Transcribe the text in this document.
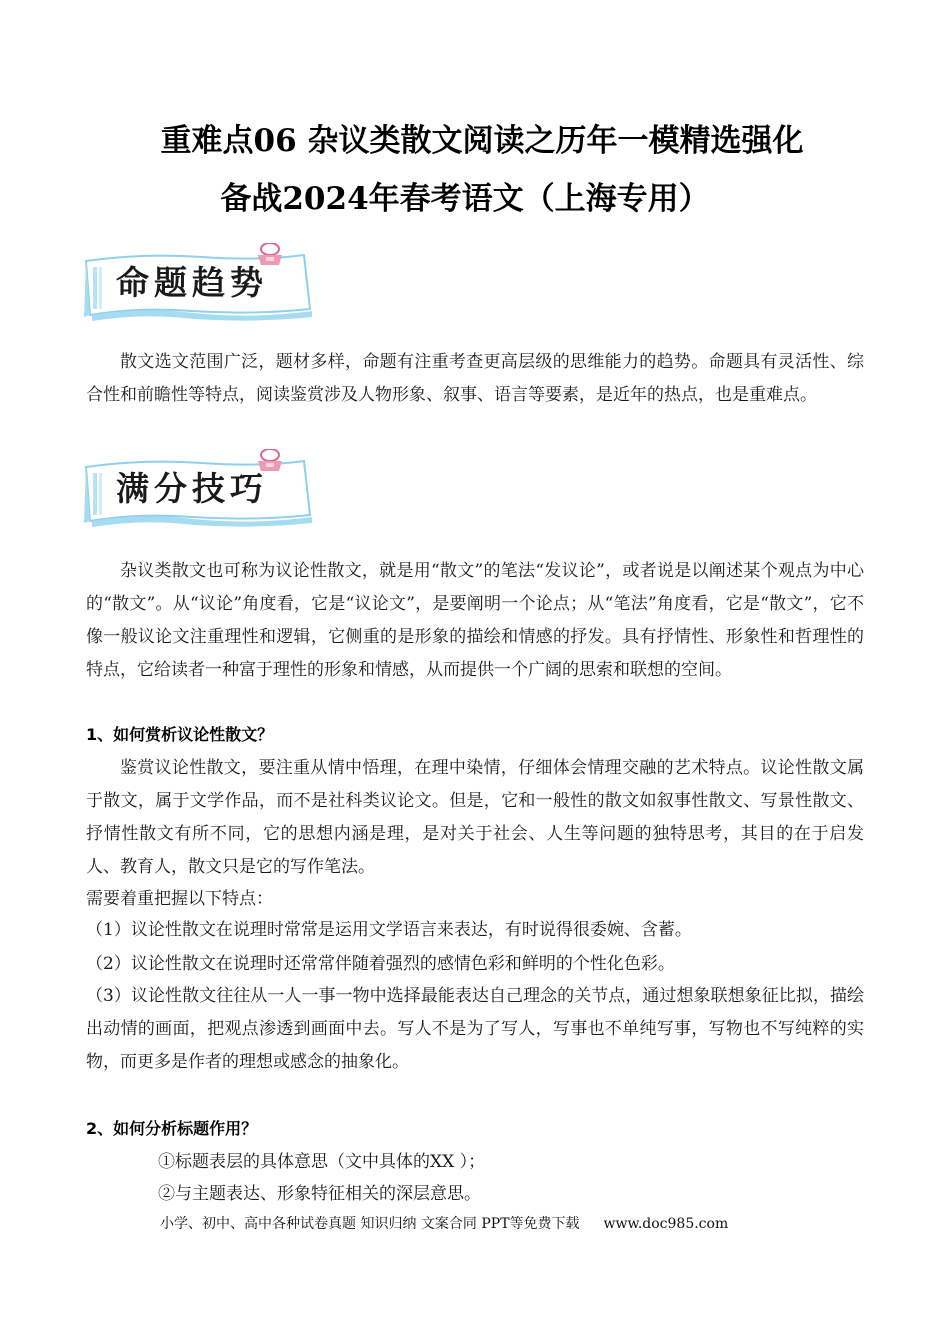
重难点06 杂议类散文阅读之历年一模精选强化
备战2024年春考语文（上海专用）
命题趋势

散文选文范围广泛，题材多样，命题有注重考查更高层级的思维能力的趋势。命题具有灵活性、综合性和前瞻性等特点，阅读鉴赏涉及人物形象、叙事、语言等要素，是近年的热点，也是重难点。

满分技巧

杂议类散文也可称为议论性散文，就是用“散文”的笔法“发议论”，或者说是以阐述某个观点为中心的“散文”。从“议论”角度看，它是“议论文”，是要阐明一个论点；从“笔法”角度看，它是“散文”，它不像一般议论文注重理性和逻辑，它侧重的是形象的描绘和情感的抒发。具有抒情性、形象性和哲理性的特点，它给读者一种富于理性的形象和情感，从而提供一个广阔的思索和联想的空间。

1、如何赏析议论性散文？

鉴赏议论性散文，要注重从情中悟理，在理中染情，仔细体会情理交融的艺术特点。议论性散文属于散文，属于文学作品，而不是社科类议论文。但是，它和一般性的散文如叙事性散文、写景性散文、抒情性散文有所不同，它的思想内涵是理，是对关于社会、人生等问题的独特思考，其目的在于启发人、教育人，散文只是它的写作笔法。

需要着重把握以下特点：
（1）议论性散文在说理时常常是运用文学语言来表达，有时说得很委婉、含蓄。
（2）议论性散文在说理时还常常伴随着强烈的感情色彩和鲜明的个性化色彩。

（3）议论性散文往往从一人一事一物中选择最能表达自己理念的关节点，通过想象联想象征比拟，描绘出动情的画面，把观点渗透到画面中去。写人不是为了写人，写事也不单纯写事，写物也不写纯粹的实物，而更多是作者的理想或感念的抽象化。

2、如何分析标题作用？
①标题表层的具体意思（文中具体的XX ）；
②与主题表达、形象特征相关的深层意思。
小学、初中、高中各种试卷真题 知识归纳 文案合同 PPT等免费下载 www.doc985.com
